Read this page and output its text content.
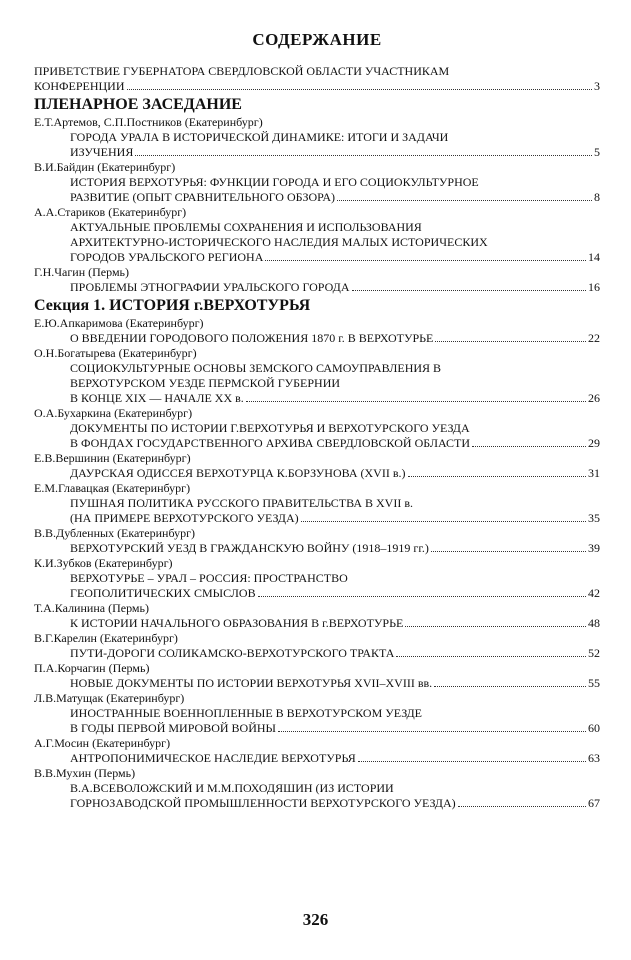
СОДЕРЖАНИЕ
ПРИВЕТСТВИЕ ГУБЕРНАТОРА СВЕРДЛОВСКОЙ ОБЛАСТИ УЧАСТНИКАМ
КОНФЕРЕНЦИИ	3
ПЛЕНАРНОЕ ЗАСЕДАНИЕ
Е.Т.Артемов, С.П.Постников (Екатеринбург)
ГОРОДА УРАЛА В ИСТОРИЧЕСКОЙ ДИНАМИКЕ: ИТОГИ И ЗАДАЧИ
ИЗУЧЕНИЯ	5
В.И.Байдин (Екатеринбург)
ИСТОРИЯ ВЕРХОТУРЬЯ: ФУНКЦИИ ГОРОДА И ЕГО СОЦИОКУЛЬТУРНОЕ
РАЗВИТИЕ (ОПЫТ СРАВНИТЕЛЬНОГО ОБЗОРА)	8
А.А.Стариков (Екатеринбург)
АКТУАЛЬНЫЕ ПРОБЛЕМЫ СОХРАНЕНИЯ И ИСПОЛЬЗОВАНИЯ
АРХИТЕКТУРНО-ИСТОРИЧЕСКОГО НАСЛЕДИЯ МАЛЫХ ИСТОРИЧЕСКИХ
ГОРОДОВ УРАЛЬСКОГО РЕГИОНА	14
Г.Н.Чагин (Пермь)
ПРОБЛЕМЫ ЭТНОГРАФИИ УРАЛЬСКОГО ГОРОДА	16
Секция 1. ИСТОРИЯ г.ВЕРХОТУРЬЯ
Е.Ю.Апкаримова (Екатеринбург)
О ВВЕДЕНИИ ГОРОДОВОГО ПОЛОЖЕНИЯ 1870 г. В ВЕРХОТУРЬЕ	22
О.Н.Богатырева (Екатеринбург)
СОЦИОКУЛЬТУРНЫЕ ОСНОВЫ ЗЕМСКОГО САМОУПРАВЛЕНИЯ В
ВЕРХОТУРСКОМ УЕЗДЕ ПЕРМСКОЙ ГУБЕРНИИ
В КОНЦЕ XIX — НАЧАЛЕ XX в.	26
О.А.Бухаркина (Екатеринбург)
ДОКУМЕНТЫ ПО ИСТОРИИ Г.ВЕРХОТУРЬЯ И ВЕРХОТУРСКОГО УЕЗДА
В ФОНДАХ ГОСУДАРСТВЕННОГО АРХИВА СВЕРДЛОВСКОЙ ОБЛАСТИ	29
Е.В.Вершинин (Екатеринбург)
ДАУРСКАЯ ОДИССЕЯ ВЕРХОТУРЦА К.БОРЗУНОВА (XVII в.)	31
Е.М.Главацкая (Екатеринбург)
ПУШНАЯ ПОЛИТИКА РУССКОГО ПРАВИТЕЛЬСТВА В XVII в.
(НА ПРИМЕРЕ ВЕРХОТУРСКОГО УЕЗДА)	35
В.В.Дубленных (Екатеринбург)
ВЕРХОТУРСКИЙ УЕЗД В ГРАЖДАНСКУЮ ВОЙНУ (1918–1919 гг.)	39
К.И.Зубков (Екатеринбург)
ВЕРХОТУРЬЕ – УРАЛ – РОССИЯ: ПРОСТРАНСТВО
ГЕОПОЛИТИЧЕСКИХ СМЫСЛОВ	42
Т.А.Калинина (Пермь)
К ИСТОРИИ НАЧАЛЬНОГО ОБРАЗОВАНИЯ В г.ВЕРХОТУРЬЕ	48
В.Г.Карелин (Екатеринбург)
ПУТИ-ДОРОГИ СОЛИКАМСКО-ВЕРХОТУРСКОГО ТРАКТА	52
П.А.Корчагин (Пермь)
НОВЫЕ ДОКУМЕНТЫ ПО ИСТОРИИ ВЕРХОТУРЬЯ XVII–XVIII вв.	55
Л.В.Матущак (Екатеринбург)
ИНОСТРАННЫЕ ВОЕННОПЛЕННЫЕ В ВЕРХОТУРСКОМ УЕЗДЕ
В ГОДЫ ПЕРВОЙ МИРОВОЙ ВОЙНЫ	60
А.Г.Мосин (Екатеринбург)
АНТРОПОНИМИЧЕСКОЕ НАСЛЕДИЕ ВЕРХОТУРЬЯ	63
В.В.Мухин (Пермь)
В.А.ВСЕВОЛОЖСКИЙ И М.М.ПОХОДЯШИН (ИЗ ИСТОРИИ
ГОРНОЗАВОДСКОЙ ПРОМЫШЛЕННОСТИ ВЕРХОТУРСКОГО УЕЗДА)	67
326
